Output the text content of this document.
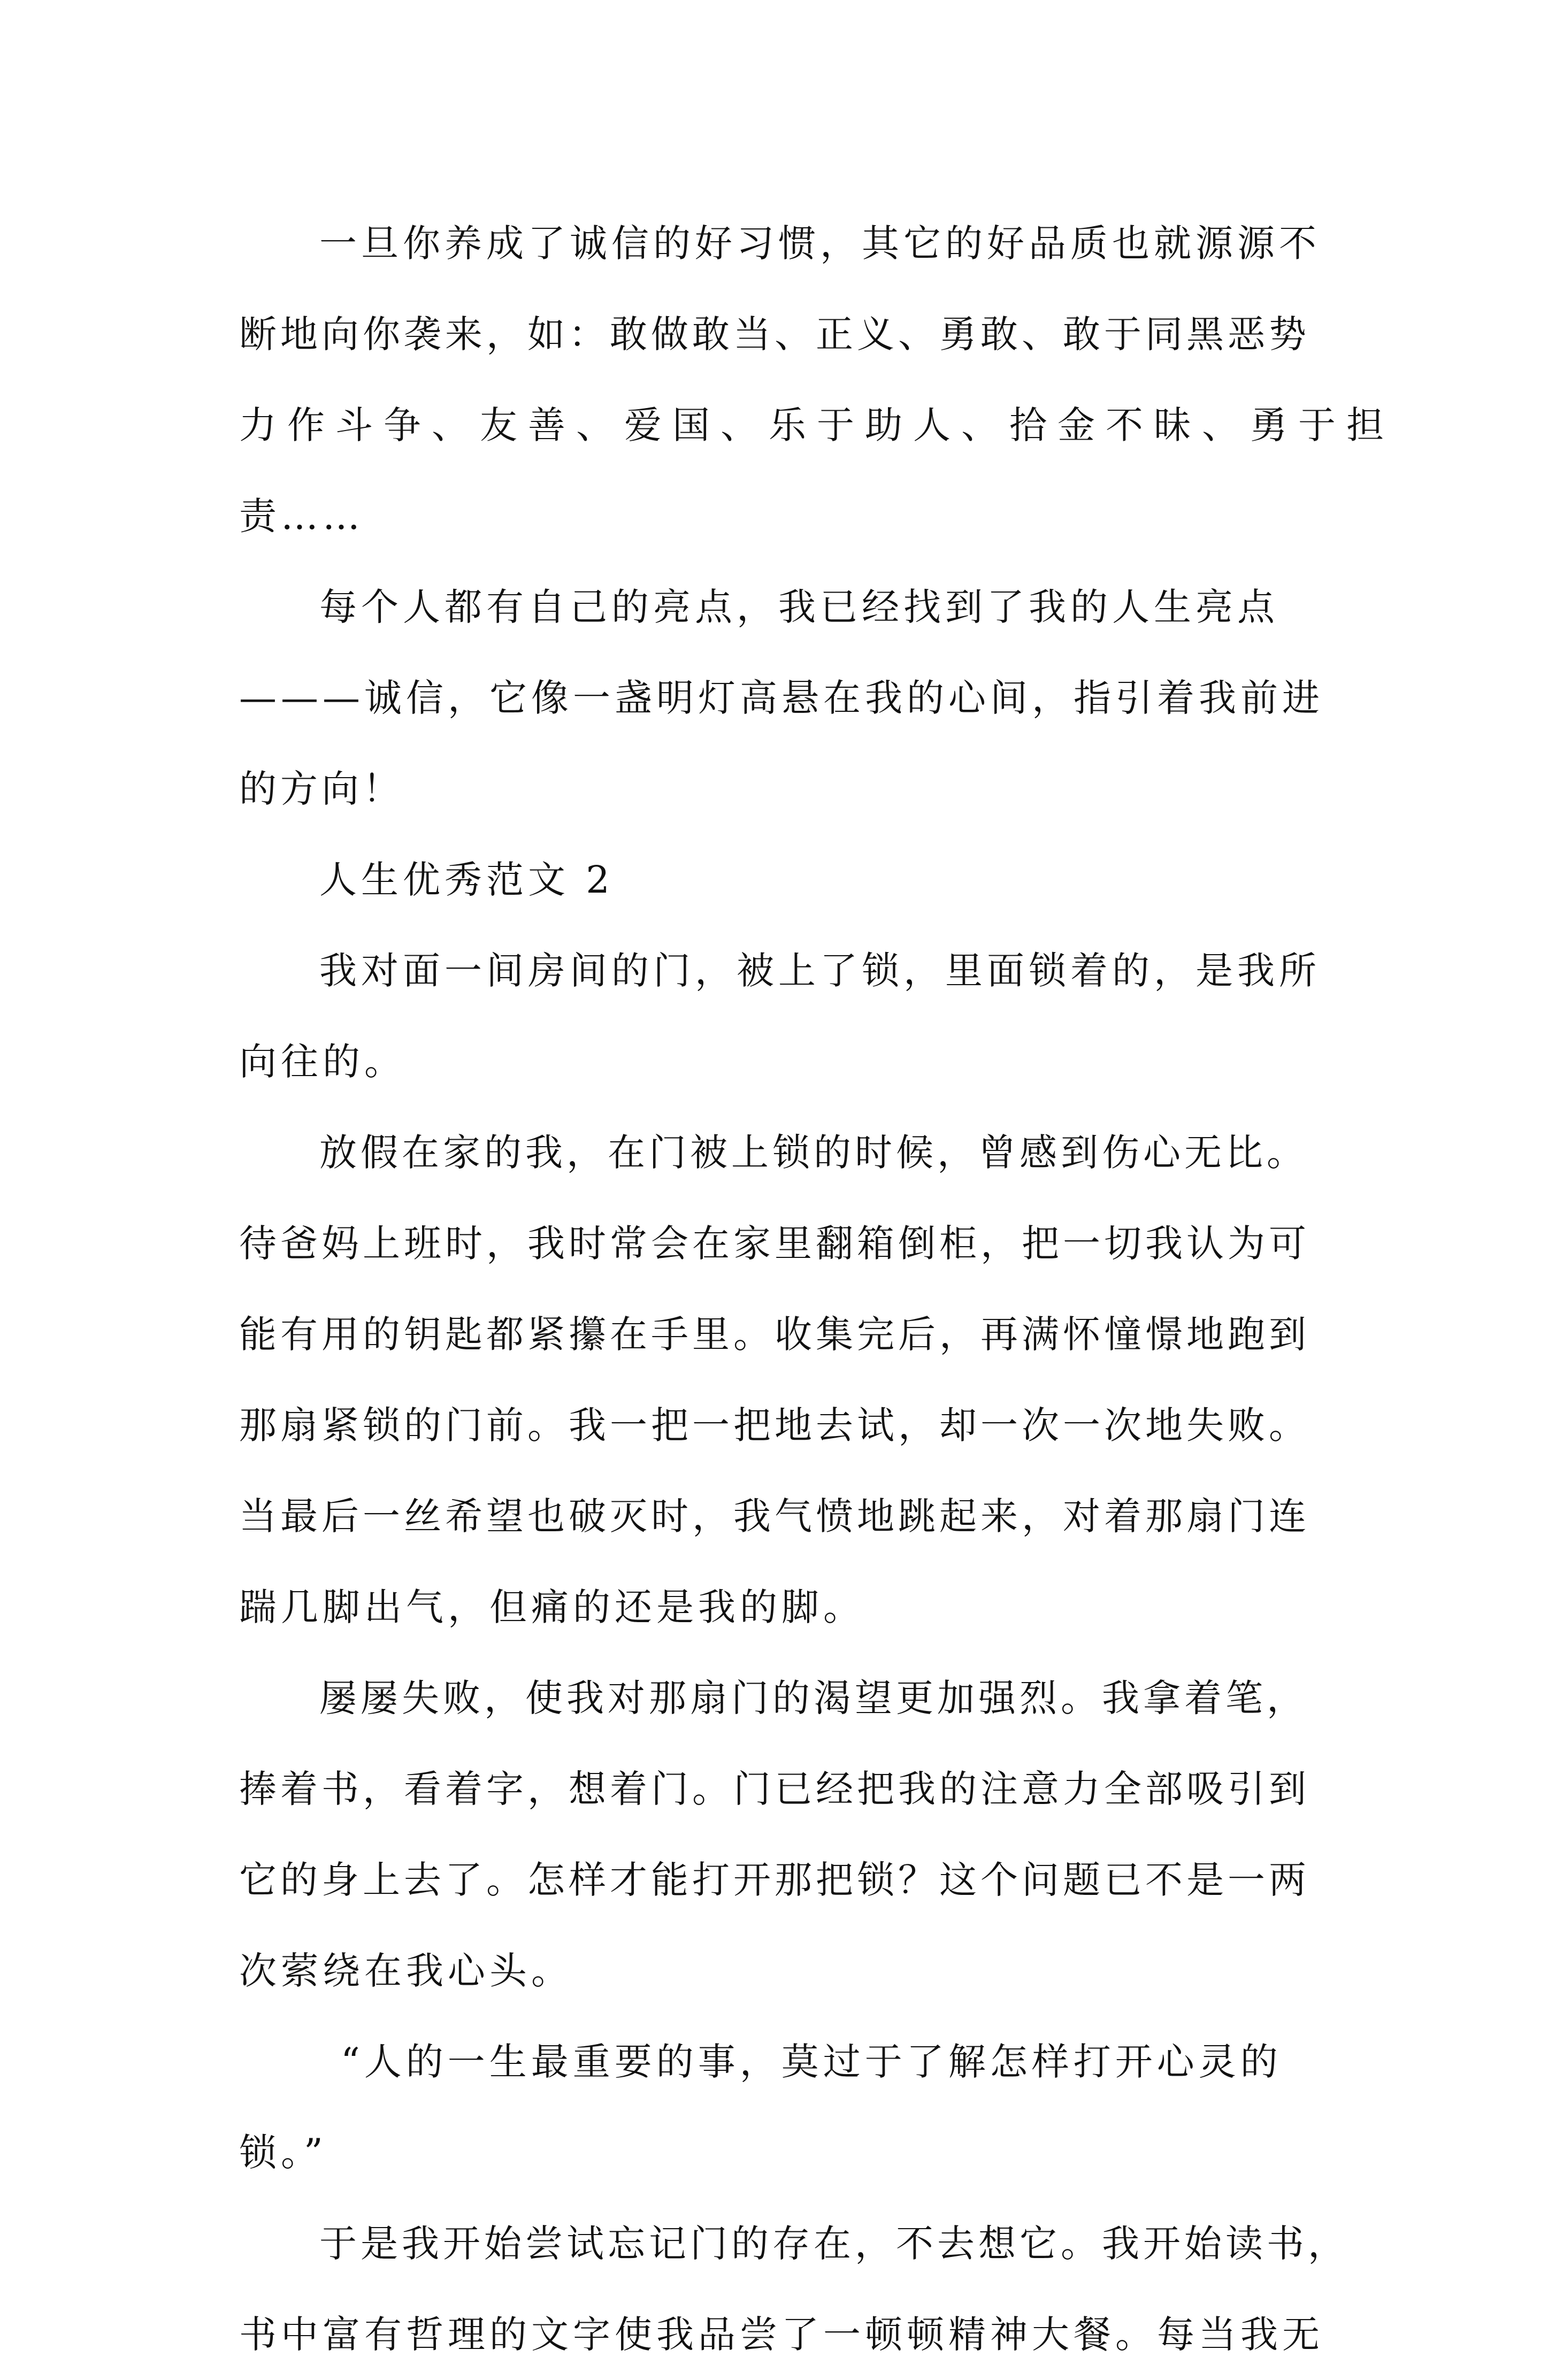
一旦你养成了诚信的好习惯，其它的好品质也就源源不
断地向你袭来，如：敢做敢当、正义、勇敢、敢于同黑恶势
力作斗争、友善、爱国、乐于助人、拾金不昧、勇于担
责……
每个人都有自己的亮点，我已经找到了我的人生亮点
———诚信，它像一盏明灯高悬在我的心间，指引着我前进
的方向！
人生优秀范文 2
我对面一间房间的门，被上了锁，里面锁着的，是我所
向往的。
放假在家的我，在门被上锁的时候，曾感到伤心无比。
待爸妈上班时，我时常会在家里翻箱倒柜，把一切我认为可
能有用的钥匙都紧攥在手里。收集完后，再满怀憧憬地跑到
那扇紧锁的门前。我一把一把地去试，却一次一次地失败。
当最后一丝希望也破灭时，我气愤地跳起来，对着那扇门连
踹几脚出气，但痛的还是我的脚。
屡屡失败，使我对那扇门的渴望更加强烈。我拿着笔，
捧着书，看着字，想着门。门已经把我的注意力全部吸引到
它的身上去了。怎样才能打开那把锁？这个问题已不是一两
次萦绕在我心头。
“人的一生最重要的事，莫过于了解怎样打开心灵的
锁。”
于是我开始尝试忘记门的存在，不去想它。我开始读书，
书中富有哲理的文字使我品尝了一顿顿精神大餐。每当我无
